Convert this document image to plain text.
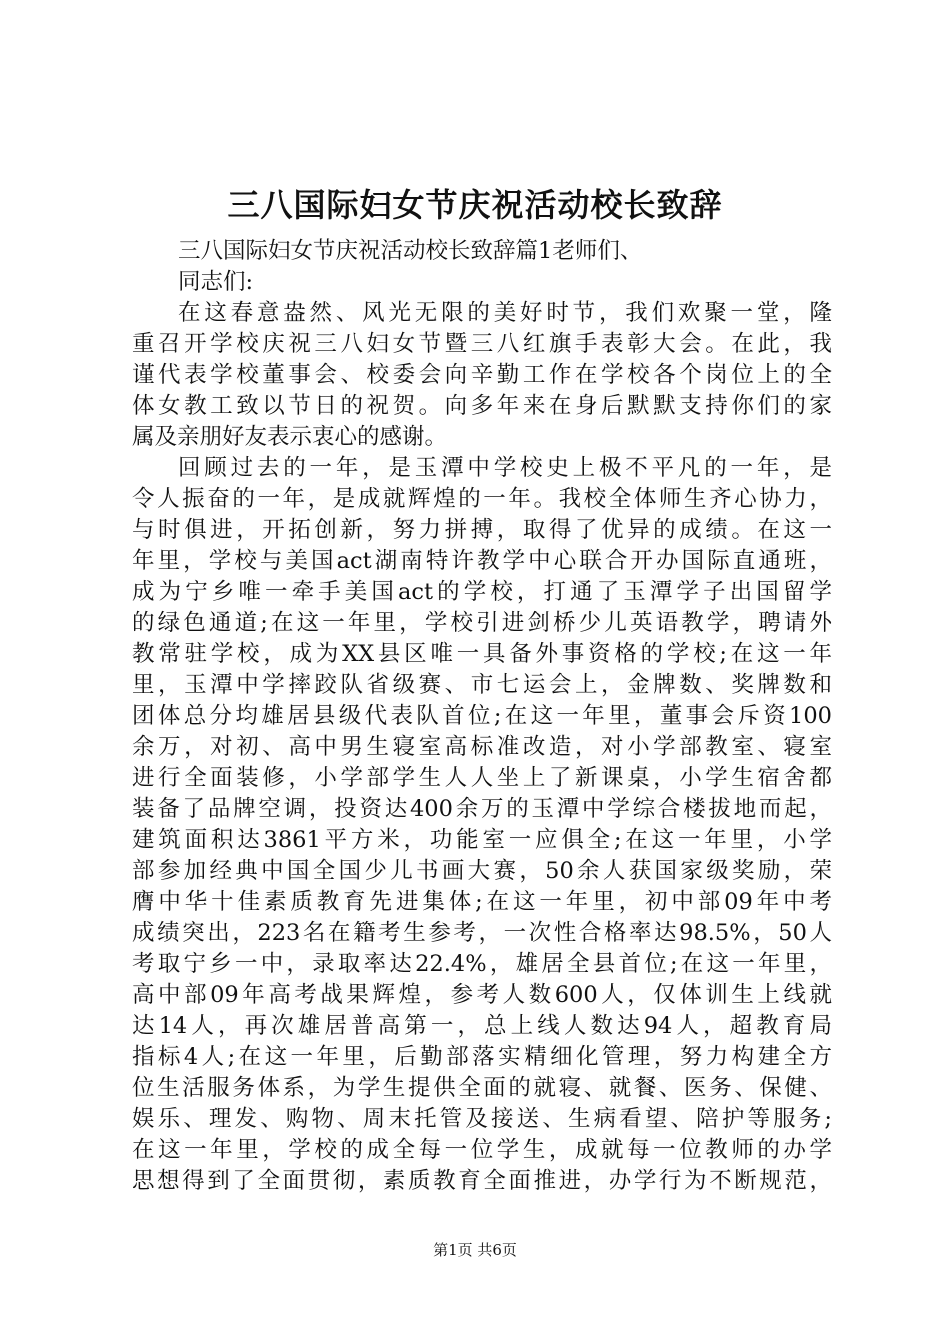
三八国际妇女节庆祝活动校长致辞
三八国际妇女节庆祝活动校长致辞篇1老师们、
同志们:
在这春意盎然、风光无限的美好时节，我们欢聚一堂，隆
重召开学校庆祝三八妇女节暨三八红旗手表彰大会。在此，我
谨代表学校董事会、校委会向辛勤工作在学校各个岗位上的全
体女教工致以节日的祝贺。向多年来在身后默默支持你们的家
属及亲朋好友表示衷心的感谢。
回顾过去的一年，是玉潭中学校史上极不平凡的一年，是
令人振奋的一年，是成就辉煌的一年。我校全体师生齐心协力，
与时俱进，开拓创新，努力拼搏，取得了优异的成绩。在这一
年里，学校与美国act湖南特许教学中心联合开办国际直通班，
成为宁乡唯一牵手美国act的学校，打通了玉潭学子出国留学
的绿色通道;在这一年里，学校引进剑桥少儿英语教学，聘请外
教常驻学校，成为XX县区唯一具备外事资格的学校;在这一年
里，玉潭中学摔跤队省级赛、市七运会上，金牌数、奖牌数和
团体总分均雄居县级代表队首位;在这一年里，董事会斥资100
余万，对初、高中男生寝室高标准改造，对小学部教室、寝室
进行全面装修，小学部学生人人坐上了新课桌，小学生宿舍都
装备了品牌空调，投资达400余万的玉潭中学综合楼拔地而起，
建筑面积达3861平方米，功能室一应俱全;在这一年里，小学
部参加经典中国全国少儿书画大赛，50余人获国家级奖励，荣
膺中华十佳素质教育先进集体;在这一年里，初中部09年中考
成绩突出，223名在籍考生参考，一次性合格率达98.5%，50人
考取宁乡一中，录取率达22.4%，雄居全县首位;在这一年里，
高中部09年高考战果辉煌，参考人数600人，仅体训生上线就
达14人，再次雄居普高第一，总上线人数达94人，超教育局
指标4人;在这一年里，后勤部落实精细化管理，努力构建全方
位生活服务体系，为学生提供全面的就寝、就餐、医务、保健、
娱乐、理发、购物、周末托管及接送、生病看望、陪护等服务;
在这一年里，学校的成全每一位学生，成就每一位教师的办学
思想得到了全面贯彻，素质教育全面推进，办学行为不断规范，
第1页 共6页
